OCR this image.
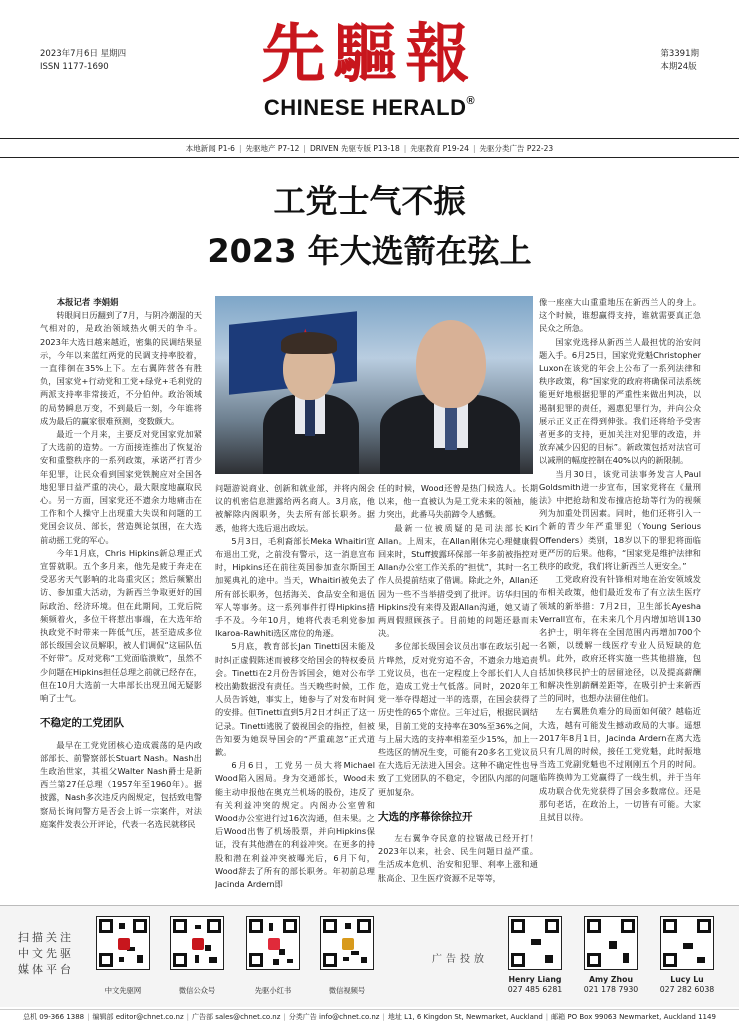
2023年7月6日 星期四
ISSN 1177-1690
第3391期
本期24版
先驅報
CHINESE HERALD®
本地新闻 P1-6 | 先驱地产 P7-12 | DRIVEN 先驱专版 P13-18 | 先驱教育 P19-24 | 先驱分类广告 P22-23
工党士气不振
2023 年大选箭在弦上

本报记者 李娟娟

转眼间日历翻到了7月，与阴冷潮湿的天气相对的，是政治领域热火朝天的争斗。2023年大选日越来越近，密集的民调结果显示，今年以来蓝红两党的民调支持率胶着，一直徘徊在35%上下。左右翼阵营各有胜负，国家党+行动党和工党+绿党+毛利党的两派支持率非常接近，不分伯仲。政治领域的局势瞬息万变，不到最后一刻，今年谁将成为最后的赢家很难预测，变数颇大。

最近一个月来，主要反对党国家党加紧了大选前的造势。一方面接连推出了恢复治安和重整秩序的一系列政策，承诺严打青少年犯罪，让民众看到国家党铁腕应对全国各地犯罪日益严重的决心，最大限度地赢取民心。另一方面，国家党还不遗余力地痛击在工作和个人操守上出现重大失误和问题的工党国会议员、部长，营造舆论氛围，在大选前动摇工党的军心。

今年1月底，Chris Hipkins新总理正式宣誓就职。五个多月来，他先是疲于奔走在受恶劣天气影响的北岛重灾区；然后频繁出访、参加重大活动，为新西兰争取更好的国际政治、经济环境。但在此期间，工党后院频频着火，多位干将惹出事端，在大选年给执政党不时带来一阵低气压，甚至造成多位部长级国会议员解职，被人们调侃“这届队伍不好带”。反对党称“工党面临溃败”，虽然不少问题在Hipkins担任总理之前就已经存在，但在10月大选前一大串部长出现丑闻无疑影响了士气。

不稳定的工党团队

最早在工党党团核心造成震荡的是内政部部长、前警察部长Stuart Nash。Nash出生政治世家，其祖父Walter Nash爵士是新西兰第27任总理（1957年至1960年）。据披露，Nash多次违反内阁规定，包括致电警察局长询问警方是否会上诉一宗案件，对法庭案件发表公开评论，代表一名选民就移民

问题游说商业、创新和就业部，并将内阁会议的机密信息泄露给两名商人。3月底，他被解除内阁职务，失去所有部长职务。据悉，他将大选后退出政坛。

5月3日，毛利裔部长Meka Whaitiri宣布退出工党，之前没有警示，这一消息宣布时，Hipkins还在前往英国参加查尔斯国王加冕典礼的途中。当天，Whaitiri被免去了所有部长职务，包括海关、食品安全和退伍军人等事务。这一系列事件打得Hipkins措手不及。今年10月，她将代表毛利党参加Ikaroa-Rawhiti选区席位的角逐。

5月底，教育部长Jan Tinetti因未能及时纠正虚假陈述而被移交给国会的特权委员会。Tinetti在2月份告诉国会，她对公布学校出勤数据没有责任。当天晚些时候，工作人员告诉她，事实上，她参与了对发布时间的安排。但Tinetti直到5月2日才纠正了这一记录。Tinetti逃脱了藐视国会的指控，但被告知要为她误导国会的“严重疏忽”正式道歉。

6月6日，工党另一员大将Michael Wood陷入困局。身为交通部长，Wood未能主动申报他在奥克兰机场的股份，违反了有关利益冲突的规定。内阁办公室曾和Wood办公室进行过16次沟通，但未果。之后Wood出售了机场股票，并向Hipkins保证，没有其他潜在的利益冲突。在更多的持股和潜在利益冲突被曝光后，6月下旬，Wood辞去了所有的部长职务。年初前总理Jacinda Ardern即

任的时候，Wood还曾是热门候选人。长期以来，他一直被认为是工党未来的领袖，能力突出，此番马失前蹄令人感慨。

最新一位被质疑的是司法部长Kiri Allan。上周末，在Allan刚休完心理健康假回来时，Stuff披露环保部一年多前被指控对Allan办公室工作关系的“担忧”，其时一名工作人员提前结束了借调。除此之外，Allan还因为一些不当举措受到了批评。访华归国的Hipkins没有来得及跟Allan沟通，她又请了两周假照顾孩子。目前她的问题还悬而未决。

多位部长级国会议员出事在政坛引起一片哗然，反对党穷追不舍，不遗余力地追责工党议员，也在一定程度上令部长们人人自危，造成工党士气低落。同时，2020年工党一举夺得超过一半的选票，在国会获得了历史性的65个席位。三年过后，根据民调结果，目前工党的支持率在30%至36%之间，与上届大选的支持率相差至少15%，加上一些选区的情况生变，可能有20多名工党议员在大选后无法进入国会。这种不确定性也导致了工党团队的不稳定，令团队内部的问题更加复杂。

大选的序幕徐徐拉开

左右翼争夺民意的拉锯战已经开打！2023年以来，社会、民生问题日益严重。生活成本危机、治安和犯罪、利率上涨和通胀高企、卫生医疗资源不足等等，

像一座座大山重重地压在新西兰人的身上。这个时候，谁想赢得支持，谁就需要真正急民众之所急。

国家党选择从新西兰人最担忧的治安问题入手。6月25日，国家党党魁Christopher Luxon在该党的年会上公布了一系列法律和秩序政策，称“国家党的政府将确保司法系统能更好地根据犯罪的严重性来做出判决，以遏制犯罪的责任，遏惠犯罪行为，并向公众展示正义正在得到伸张。我们还将给予受害者更多的支持，更加关注对犯罪的改造，并放弃减少囚犯的目标”。新政策包括对法官可以减刑的幅度控制在40%以内的新限制。

当月30日，该党司法事务发言人Paul Goldsmith进一步宣布，国家党将在《量刑法》中把抢劫和发布撞店抢劫等行为的视频列为加重处罚因素。同时，他们还将引入一个新的青少年严重罪犯（Young Serious Offenders）类别，18岁以下的罪犯将面临更严厉的后果。他称，“国家党是维护法律和秩序的政党，我们将让新西兰人更安全。”

工党政府没有针锋相对地在治安领域发布相关政策，他们最近发布了有立法生医疗领域的新举措：7月2日，卫生部长Ayesha Verrall宣布，在未来几个月内增加培训130名护士，明年将在全国范围内再增加700个名额，以缓解一线医疗专业人员短缺的危机。此外，政府还将实施一些其他措施，包括加快移民护士的居留途径，以及提高薪酬和解决性别薪酬差距等，在吸引护士来新西兰的同时，也想办法留住他们。

左右翼胜负难分的局面如何破？越临近大选，越有可能发生撼动政局的大事。遥想2017年8月1日，Jacinda Ardern在离大选只有几周的时候，接任工党党魁，此时振地当选工党副党魁也不过刚刚五个月的时间。临阵换帅为工党赢得了一线生机，并于当年成功联合优先党获得了国会多数席位。还是那句老话，在政治上，一切皆有可能。大家且拭目以待。

扫描关注中文先驱媒体平台
中文先驱网	微信公众号	先驱小红书	微信视频号
广告投放
Henry Liang
027 485 6281
Amy Zhou
021 178 7930
Lucy Lu
027 282 6038
总机 09-366 1388 | 编辑部 editor@chnet.co.nz | 广告部 sales@chnet.co.nz | 分类广告 info@chnet.co.nz | 地址 L1, 6 Kingdon St, Newmarket, Auckland | 邮箱 PO Box 99063 Newmarket, Auckland 1149
